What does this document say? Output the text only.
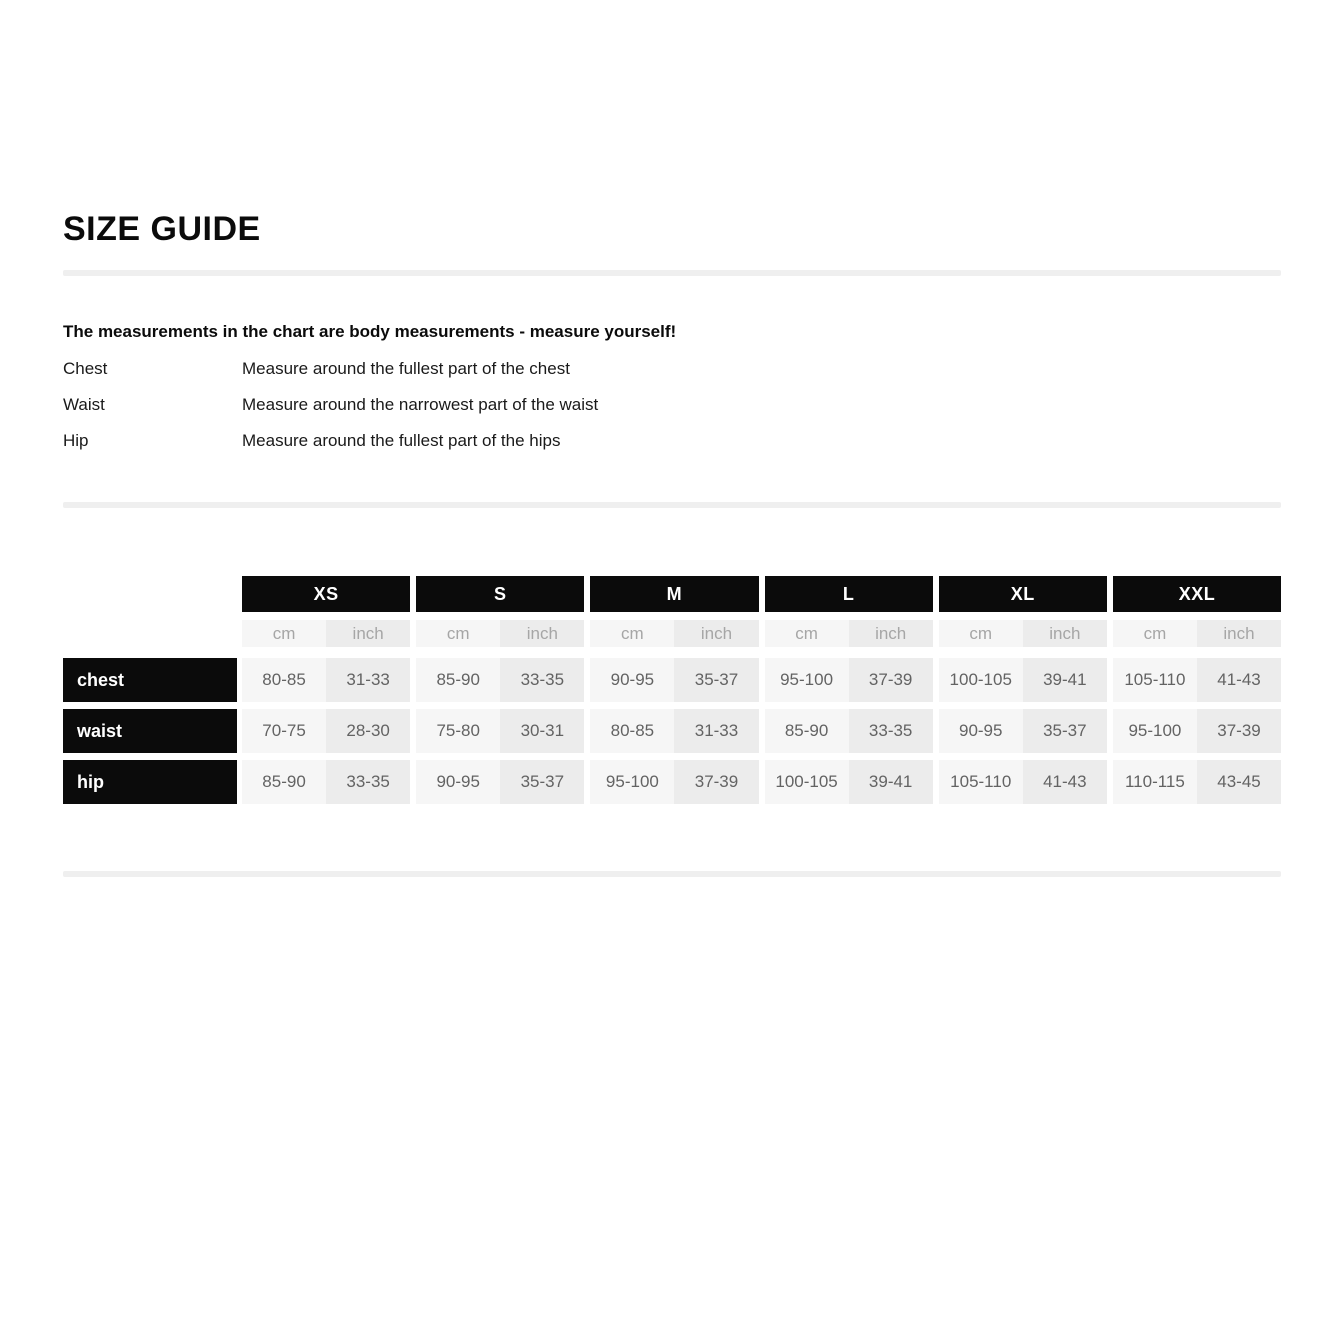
SIZE GUIDE
The measurements in the chart are body measurements - measure yourself!
Chest	Measure around the fullest part of the chest
Waist	Measure around the narrowest part of the waist
Hip	Measure around the fullest part of the hips
XS	S	M	L	XL	XXL
cm	inch	cm	inch	cm	inch	cm	inch	cm	inch	cm	inch
chest	80-85	31-33	85-90	33-35	90-95	35-37	95-100	37-39	100-105	39-41	105-110	41-43
waist	70-75	28-30	75-80	30-31	80-85	31-33	85-90	33-35	90-95	35-37	95-100	37-39
hip	85-90	33-35	90-95	35-37	95-100	37-39	100-105	39-41	105-110	41-43	110-115	43-45
